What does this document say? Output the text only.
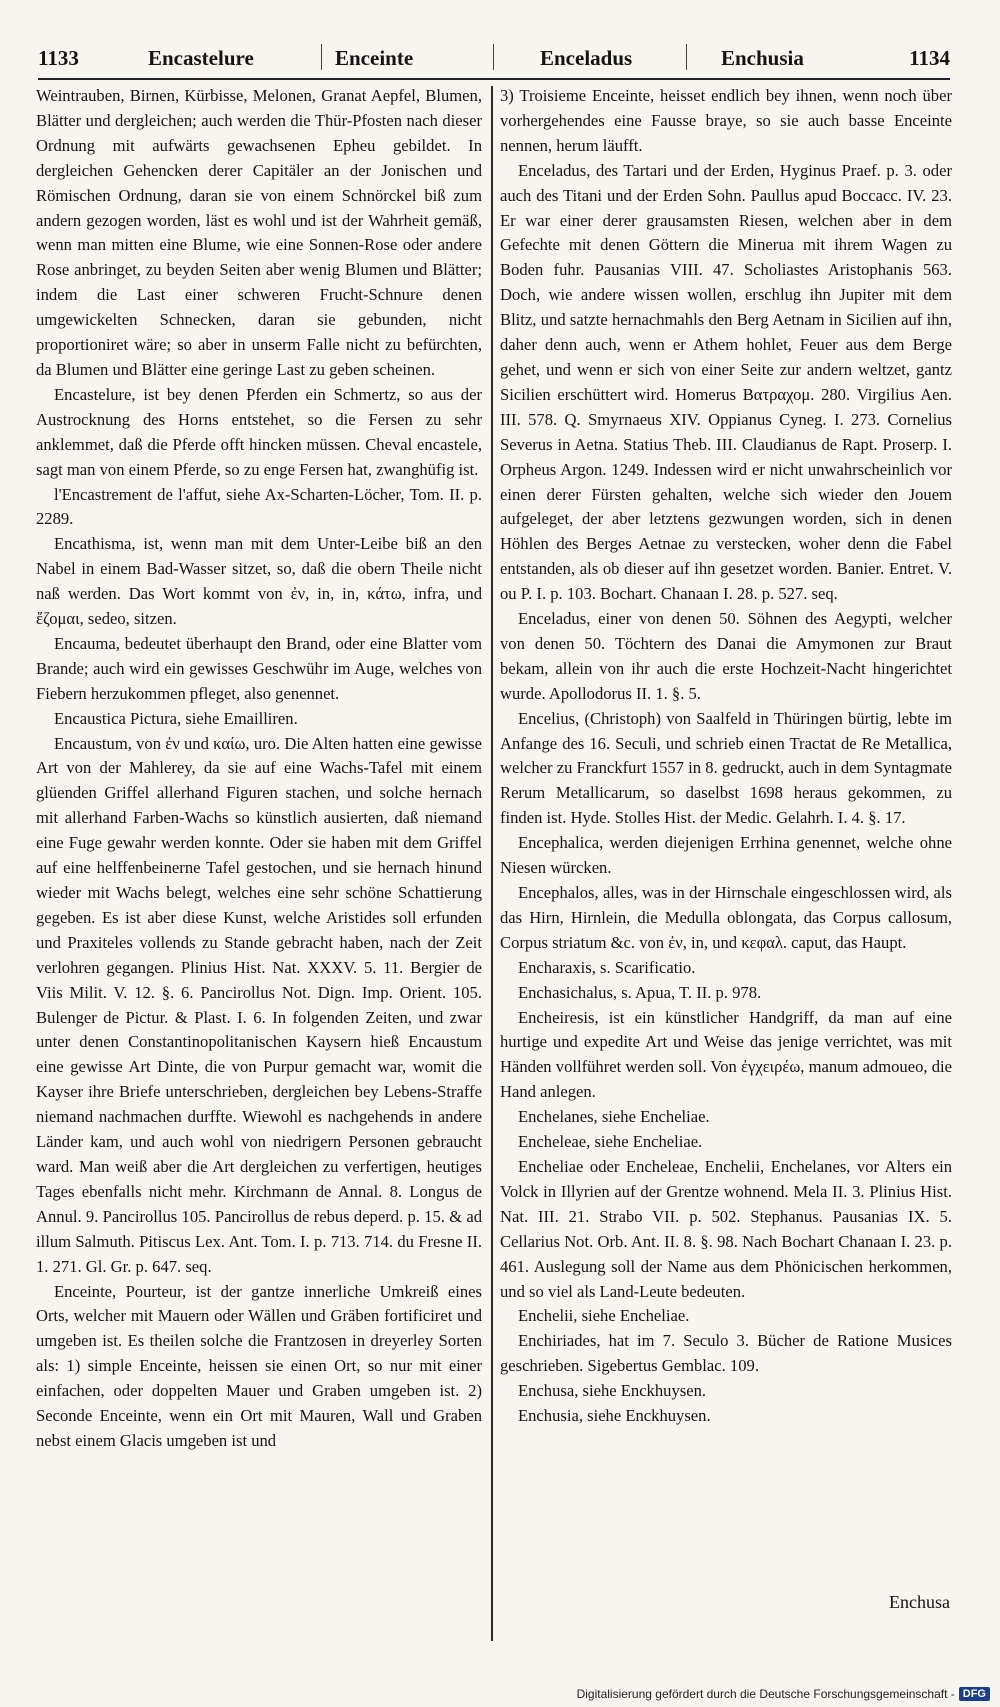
1133	Encastelure	Enceinte	Enceladus	Enchusia	1134

Weintrauben, Birnen, Kürbisse, Melonen, Granat Aepfel, Blumen, Blätter und dergleichen; auch werden die Thür-Pfosten nach dieser Ordnung mit aufwärts gewachsenen Epheu gebildet. In dergleichen Gehencken derer Capitäler an der Jonischen und Römischen Ordnung, daran sie von einem Schnörckel biß zum andern gezogen worden, läst es wohl und ist der Wahrheit gemäß, wenn man mitten eine Blume, wie eine Sonnen-Rose oder andere Rose anbringet, zu beyden Seiten aber wenig Blumen und Blätter; indem die Last einer schweren Frucht-Schnure denen umgewickelten Schnecken, daran sie gebunden, nicht proportioniret wäre; so aber in unserm Falle nicht zu befürchten, da Blumen und Blätter eine geringe Last zu geben scheinen.

Encastelure, ist bey denen Pferden ein Schmertz, so aus der Austrocknung des Horns entstehet, so die Fersen zu sehr anklemmet, daß die Pferde offt hincken müssen. Cheval encastele, sagt man von einem Pferde, so zu enge Fersen hat, zwanghüfig ist.

l'Encastrement de l'affut, siehe Ax-Scharten-Löcher, Tom. II. p. 2289.

Encathisma, ist, wenn man mit dem Unter-Leibe biß an den Nabel in einem Bad-Wasser sitzet, so, daß die obern Theile nicht naß werden. Das Wort kommt von ἐν, in, in, κάτω, infra, und ἕζομαι, sedeo, sitzen.

Encauma, bedeutet überhaupt den Brand, oder eine Blatter vom Brande; auch wird ein gewisses Geschwühr im Auge, welches von Fiebern herzukommen pfleget, also genennet.

Encaustica Pictura, siehe Emailliren.

Encaustum, von ἐν und καίω, uro. Die Alten hatten eine gewisse Art von der Mahlerey, da sie auf eine Wachs-Tafel mit einem glüenden Griffel allerhand Figuren stachen, und solche hernach mit allerhand Farben-Wachs so künstlich ausierten, daß niemand eine Fuge gewahr werden konnte. Oder sie haben mit dem Griffel auf eine helffenbeinerne Tafel gestochen, und sie hernach hinund wieder mit Wachs belegt, welches eine sehr schöne Schattierung gegeben. Es ist aber diese Kunst, welche Aristides soll erfunden und Praxiteles vollends zu Stande gebracht haben, nach der Zeit verlohren gegangen. Plinius Hist. Nat. XXXV. 5. 11. Bergier de Viis Milit. V. 12. §. 6. Pancirollus Not. Dign. Imp. Orient. 105. Bulenger de Pictur. & Plast. I. 6. In folgenden Zeiten, und zwar unter denen Constantinopolitanischen Kaysern hieß Encaustum eine gewisse Art Dinte, die von Purpur gemacht war, womit die Kayser ihre Briefe unterschrieben, dergleichen bey Lebens-Straffe niemand nachmachen durffte. Wiewohl es nachgehends in andere Länder kam, und auch wohl von niedrigern Personen gebraucht ward. Man weiß aber die Art dergleichen zu verfertigen, heutiges Tages ebenfalls nicht mehr. Kirchmann de Annal. 8. Longus de Annul. 9. Pancirollus 105. Pancirollus de rebus deperd. p. 15. & ad illum Salmuth. Pitiscus Lex. Ant. Tom. I. p. 713. 714. du Fresne II. 1. 271. Gl. Gr. p. 647. seq.

Enceinte, Pourteur, ist der gantze innerliche Umkreiß eines Orts, welcher mit Mauern oder Wällen und Gräben fortificiret und umgeben ist. Es theilen solche die Frantzosen in dreyerley Sorten als: 1) simple Enceinte, heissen sie einen Ort, so nur mit einer einfachen, oder doppelten Mauer und Graben umgeben ist. 2) Seconde Enceinte, wenn ein Ort mit Mauren, Wall und Graben nebst einem Glacis umgeben ist und

3) Troisieme Enceinte, heisset endlich bey ihnen, wenn noch über vorhergehendes eine Fausse braye, so sie auch basse Enceinte nennen, herum läufft.

Enceladus, des Tartari und der Erden, Hyginus Praef. p. 3. oder auch des Titani und der Erden Sohn. Paullus apud Boccacc. IV. 23. Er war einer derer grausamsten Riesen, welchen aber in dem Gefechte mit denen Göttern die Minerua mit ihrem Wagen zu Boden fuhr. Pausanias VIII. 47. Scholiastes Aristophanis 563. Doch, wie andere wissen wollen, erschlug ihn Jupiter mit dem Blitz, und satzte hernachmahls den Berg Aetnam in Sicilien auf ihn, daher denn auch, wenn er Athem hohlet, Feuer aus dem Berge gehet, und wenn er sich von einer Seite zur andern weltzet, gantz Sicilien erschüttert wird. Homerus Βατραχομ. 280. Virgilius Aen. III. 578. Q. Smyrnaeus XIV. Oppianus Cyneg. I. 273. Cornelius Severus in Aetna. Statius Theb. III. Claudianus de Rapt. Proserp. I. Orpheus Argon. 1249. Indessen wird er nicht unwahrscheinlich vor einen derer Fürsten gehalten, welche sich wieder den Jouem aufgeleget, der aber letztens gezwungen worden, sich in denen Höhlen des Berges Aetnae zu verstecken, woher denn die Fabel entstanden, als ob dieser auf ihn gesetzet worden. Banier. Entret. V. ou P. I. p. 103. Bochart. Chanaan I. 28. p. 527. seq.

Enceladus, einer von denen 50. Söhnen des Aegypti, welcher von denen 50. Töchtern des Danai die Amymonen zur Braut bekam, allein von ihr auch die erste Hochzeit-Nacht hingerichtet wurde. Apollodorus II. 1. §. 5.

Encelius, (Christoph) von Saalfeld in Thüringen bürtig, lebte im Anfange des 16. Seculi, und schrieb einen Tractat de Re Metallica, welcher zu Franckfurt 1557 in 8. gedruckt, auch in dem Syntagmate Rerum Metallicarum, so daselbst 1698 heraus gekommen, zu finden ist. Hyde. Stolles Hist. der Medic. Gelahrh. I. 4. §. 17.

Encephalica, werden diejenigen Errhina genennet, welche ohne Niesen würcken.

Encephalos, alles, was in der Hirnschale eingeschlossen wird, als das Hirn, Hirnlein, die Medulla oblongata, das Corpus callosum, Corpus striatum &c. von ἐν, in, und κεφαλ. caput, das Haupt.

Encharaxis, s. Scarificatio.

Enchasichalus, s. Apua, T. II. p. 978.

Encheiresis, ist ein künstlicher Handgriff, da man auf eine hurtige und expedite Art und Weise das jenige verrichtet, was mit Händen vollführet werden soll. Von ἐγχειρέω, manum admoueo, die Hand anlegen.

Enchelanes, siehe Encheliae.

Encheleae, siehe Encheliae.

Encheliae oder Encheleae, Enchelii, Enchelanes, vor Alters ein Volck in Illyrien auf der Grentze wohnend. Mela II. 3. Plinius Hist. Nat. III. 21. Strabo VII. p. 502. Stephanus. Pausanias IX. 5. Cellarius Not. Orb. Ant. II. 8. §. 98. Nach Bochart Chanaan I. 23. p. 461. Auslegung soll der Name aus dem Phönicischen herkommen, und so viel als Land-Leute bedeuten.

Enchelii, siehe Encheliae.

Enchiriades, hat im 7. Seculo 3. Bücher de Ratione Musices geschrieben. Sigebertus Gemblac. 109.

Enchusa, siehe Enckhuysen.

Enchusia, siehe Enckhuysen.

Enchusa
Digitalisierung gefördert durch die Deutsche Forschungsgemeinschaft - DFG
